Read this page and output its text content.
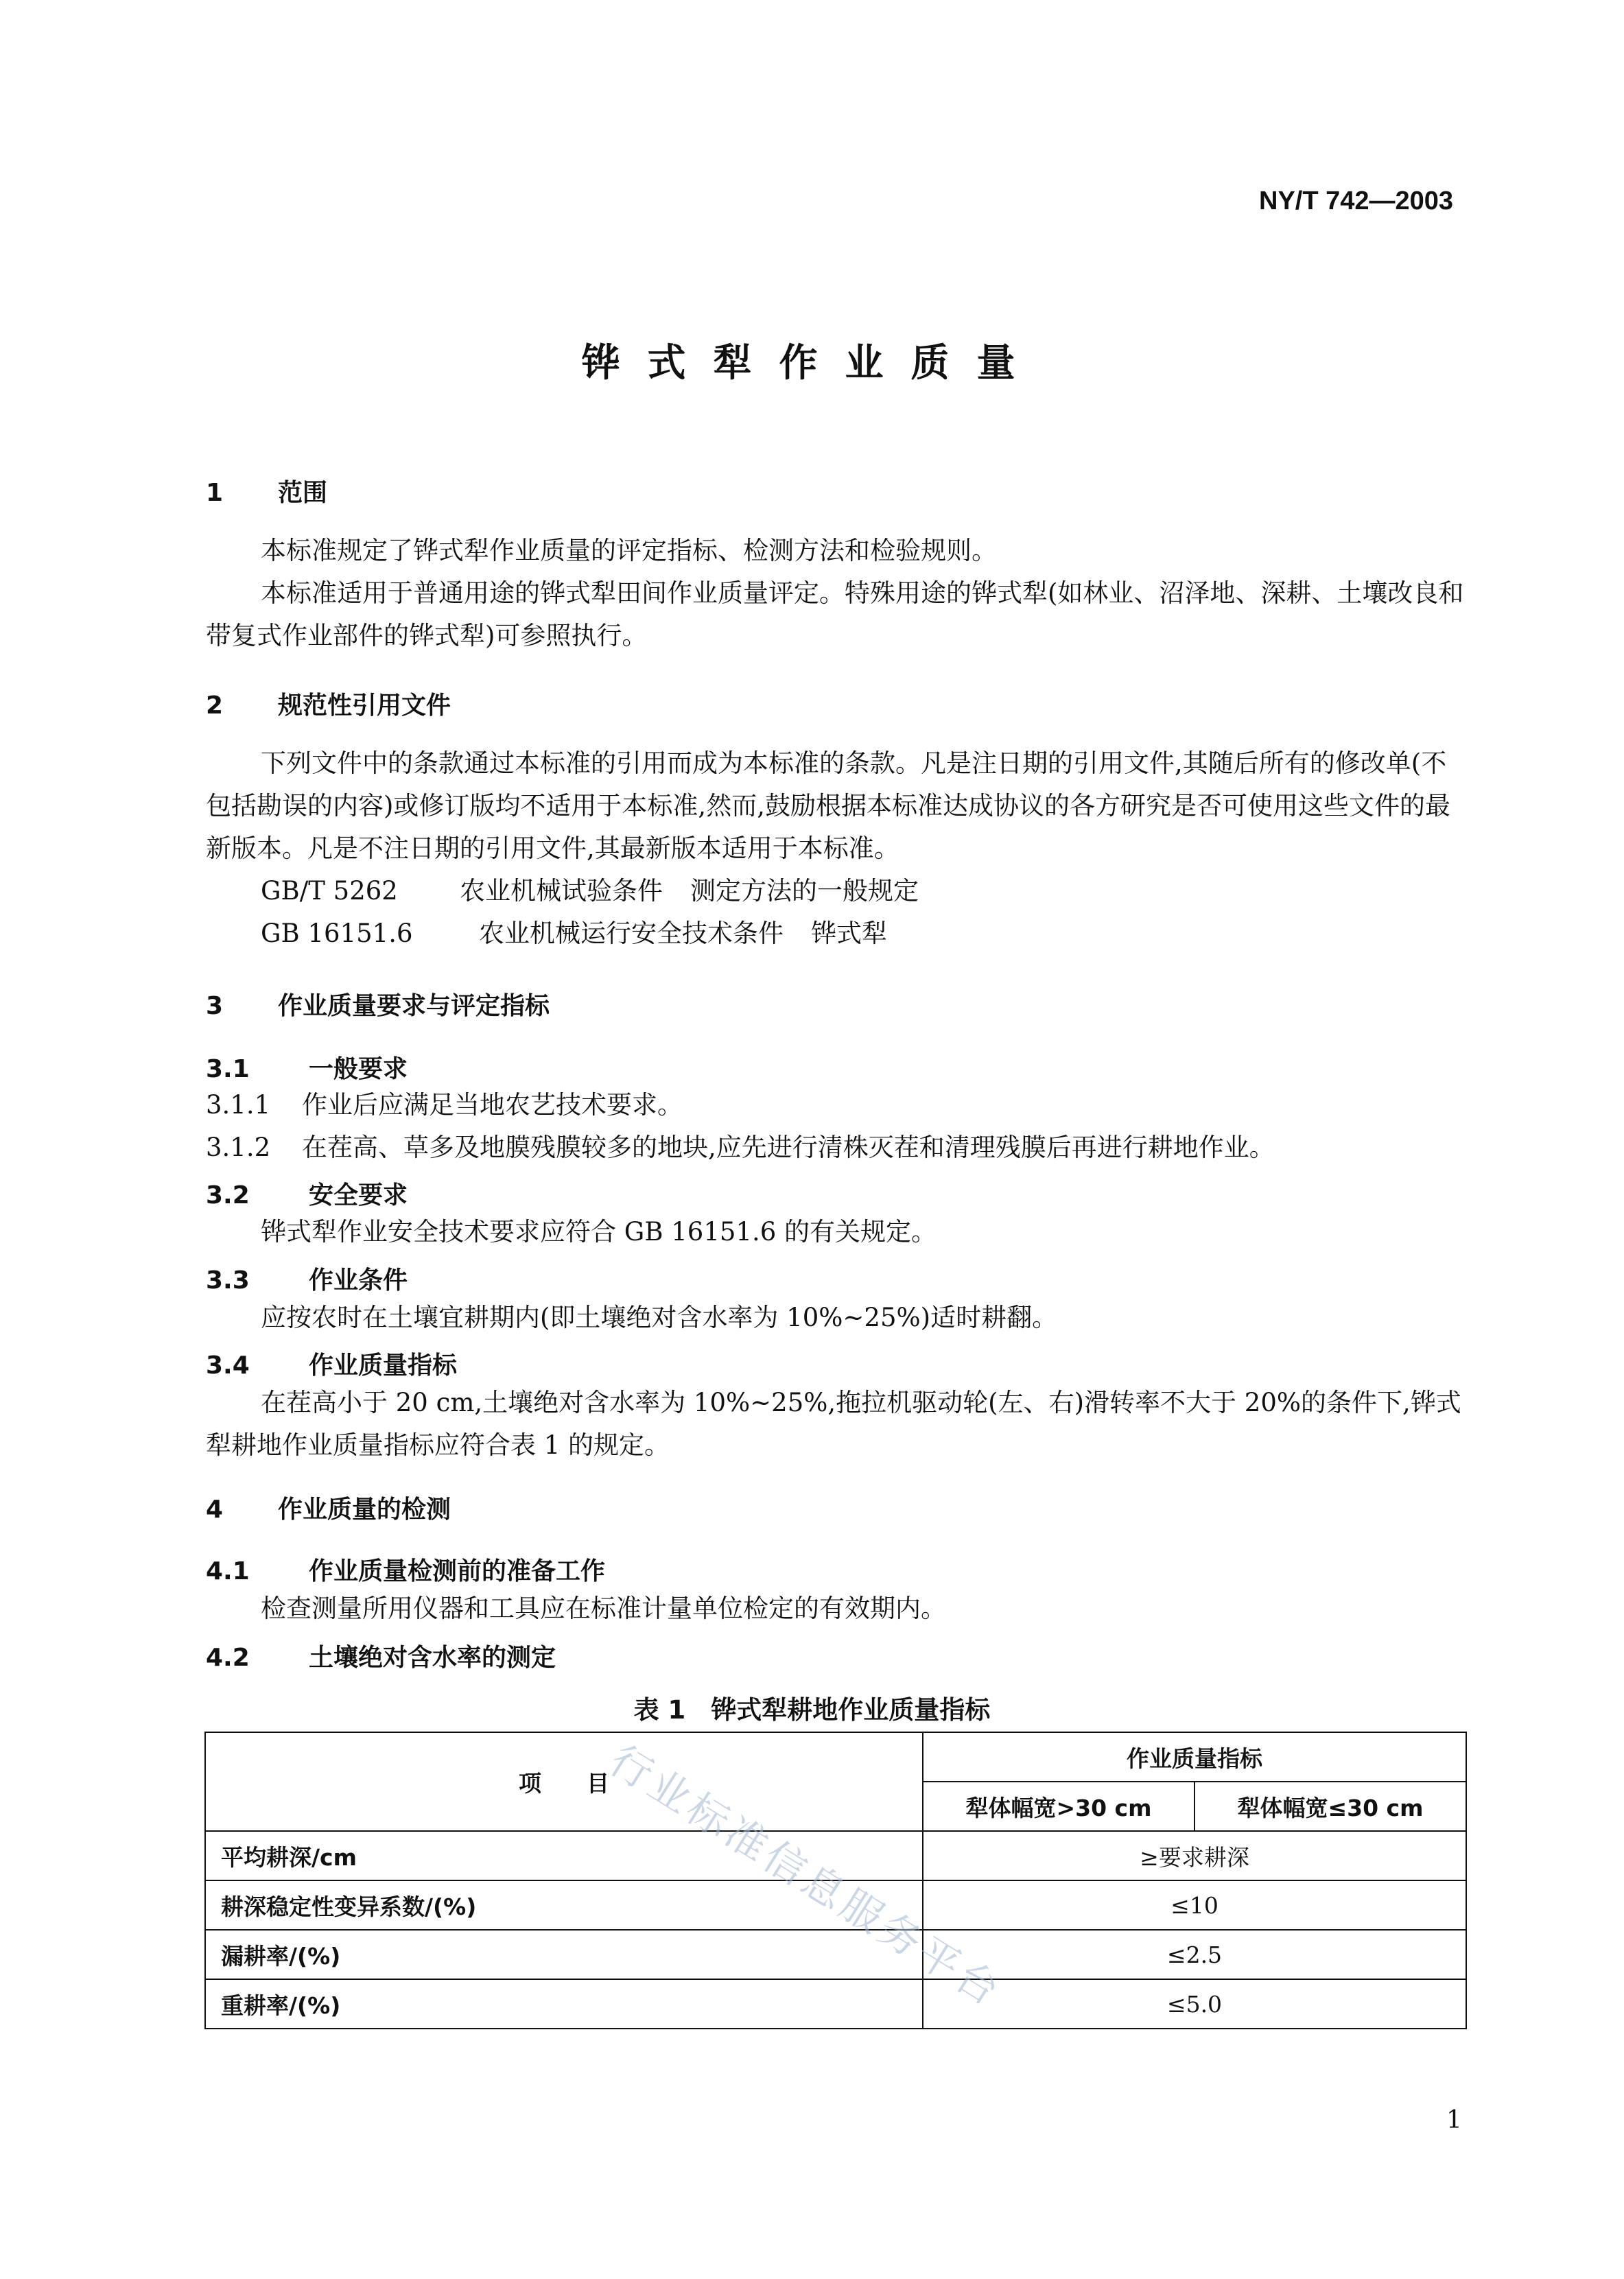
NY/T 742—2003
铧式犁作业质量
1 范围
本标准规定了铧式犁作业质量的评定指标、检测方法和检验规则。
本标准适用于普通用途的铧式犁田间作业质量评定。特殊用途的铧式犁(如林业、沼泽地、深耕、土壤改良和带复式作业部件的铧式犁)可参照执行。
2 规范性引用文件
下列文件中的条款通过本标准的引用而成为本标准的条款。凡是注日期的引用文件,其随后所有的修改单(不包括勘误的内容)或修订版均不适用于本标准,然而,鼓励根据本标准达成协议的各方研究是否可使用这些文件的最新版本。凡是不注日期的引用文件,其最新版本适用于本标准。
GB/T 5262 农业机械试验条件 测定方法的一般规定
GB 16151.6	农业机械运行安全技术条件 铧式犁
3 作业质量要求与评定指标
3.1 一般要求
3.1.1 作业后应满足当地农艺技术要求。
3.1.2 在茬高、草多及地膜残膜较多的地块,应先进行清株灭茬和清理残膜后再进行耕地作业。
3.2 安全要求
铧式犁作业安全技术要求应符合 GB 16151.6 的有关规定。
3.3 作业条件
应按农时在土壤宜耕期内(即土壤绝对含水率为 10%~25%)适时耕翻。
3.4 作业质量指标
在茬高小于 20 cm,土壤绝对含水率为 10%~25%,拖拉机驱动轮(左、右)滑转率不大于 20%的条件下,铧式犁耕地作业质量指标应符合表 1 的规定。
4 作业质量的检测
4.1 作业质量检测前的准备工作
检查测量所用仪器和工具应在标准计量单位检定的有效期内。
4.2 土壤绝对含水率的测定
表 1　铧式犁耕地作业质量指标
项　　目	作业质量指标	
	犁体幅宽>30 cm	犁体幅宽≤30 cm
平均耕深/cm	≥要求耕深	
耕深稳定性变异系数/(%)	≤10	
漏耕率/(%)	≤2.5	
重耕率/(%)	≤5.0	
行业标准信息服务平台
1
